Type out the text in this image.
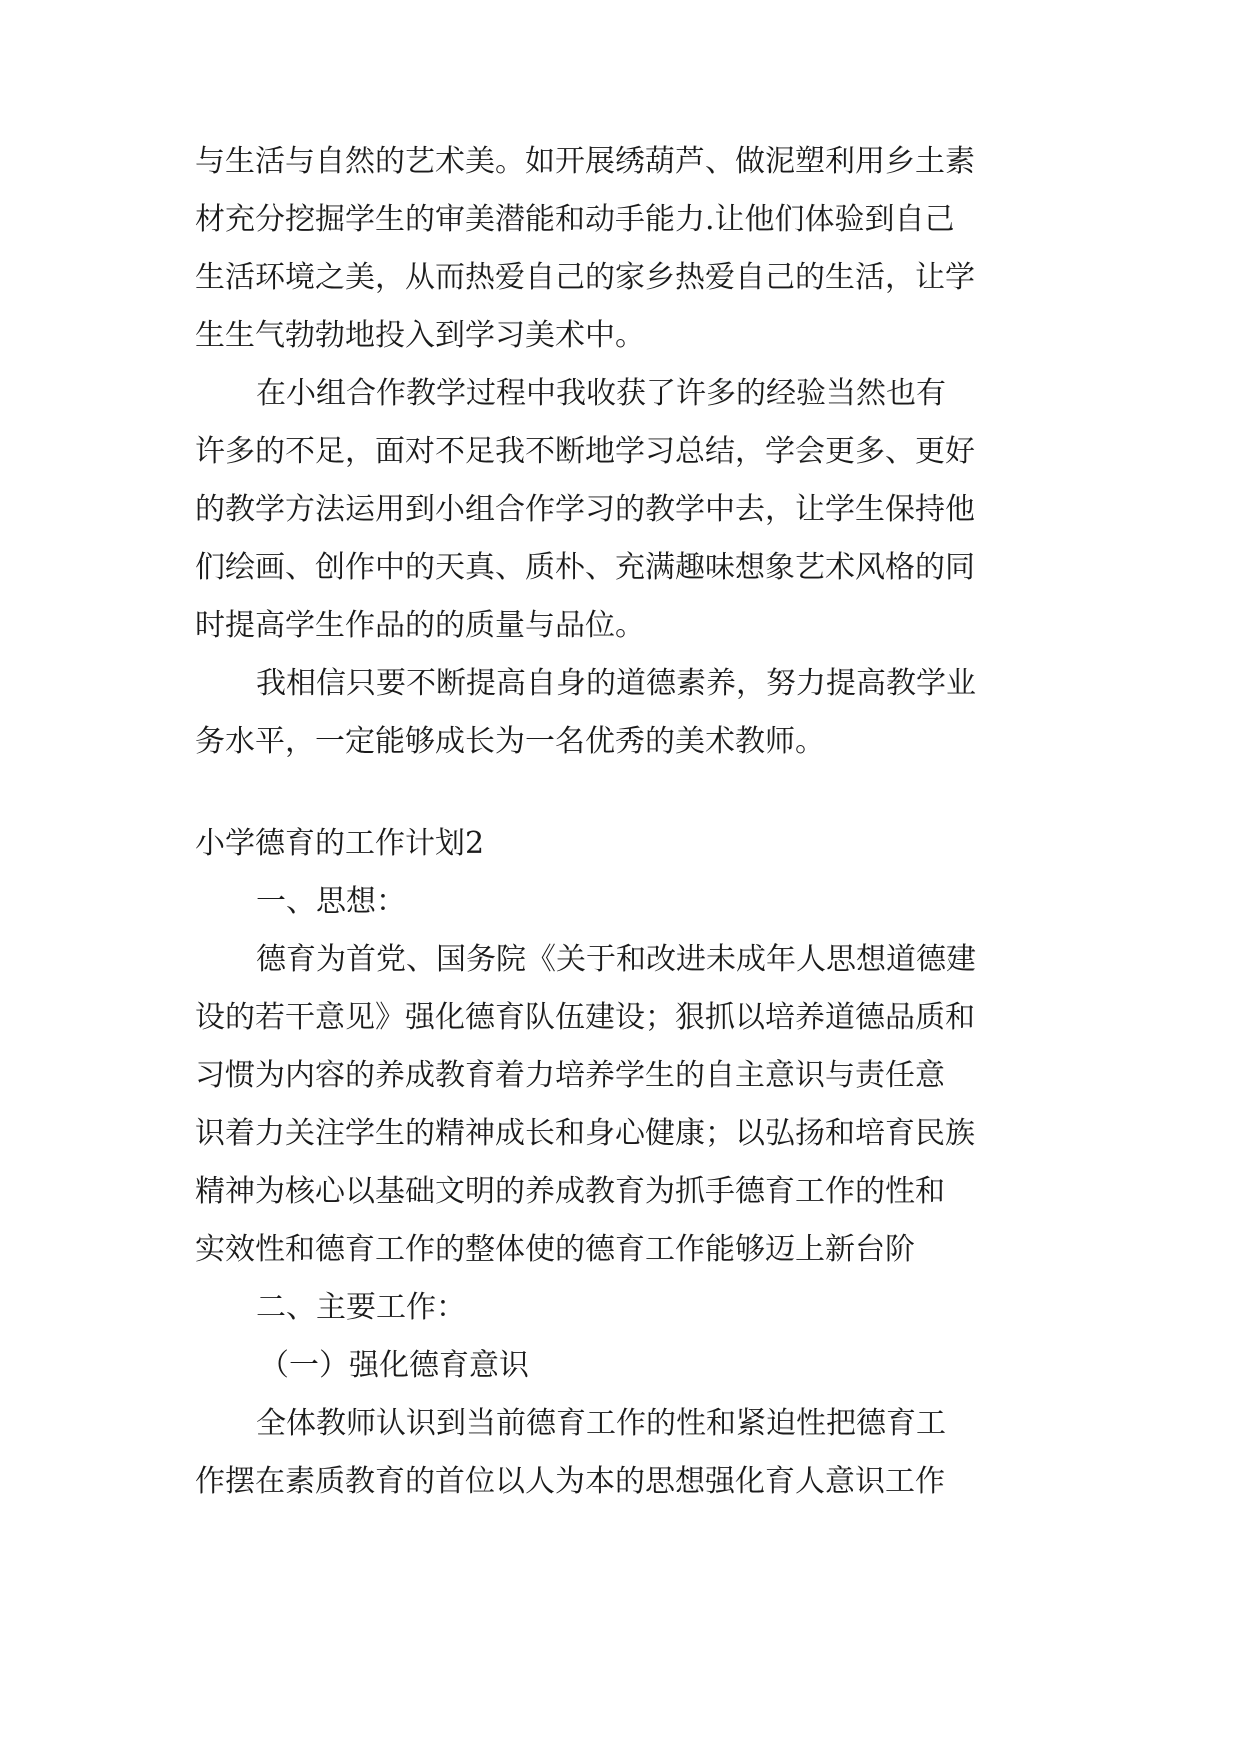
与生活与自然的艺术美。如开展绣葫芦、做泥塑利用乡土素

材充分挖掘学生的审美潜能和动手能力.让他们体验到自己

生活环境之美，从而热爱自己的家乡热爱自己的生活，让学

生生气勃勃地投入到学习美术中。

在小组合作教学过程中我收获了许多的经验当然也有

许多的不足，面对不足我不断地学习总结，学会更多、更好

的教学方法运用到小组合作学习的教学中去，让学生保持他

们绘画、创作中的天真、质朴、充满趣味想象艺术风格的同

时提高学生作品的的质量与品位。

我相信只要不断提高自身的道德素养，努力提高教学业

务水平，一定能够成长为一名优秀的美术教师。

小学德育的工作计划2

一、思想：

德育为首党、国务院《关于和改进未成年人思想道德建

设的若干意见》强化德育队伍建设；狠抓以培养道德品质和

习惯为内容的养成教育着力培养学生的自主意识与责任意

识着力关注学生的精神成长和身心健康；以弘扬和培育民族

精神为核心以基础文明的养成教育为抓手德育工作的性和

实效性和德育工作的整体使的德育工作能够迈上新台阶

二、主要工作：

（一）强化德育意识

全体教师认识到当前德育工作的性和紧迫性把德育工

作摆在素质教育的首位以人为本的思想强化育人意识工作
